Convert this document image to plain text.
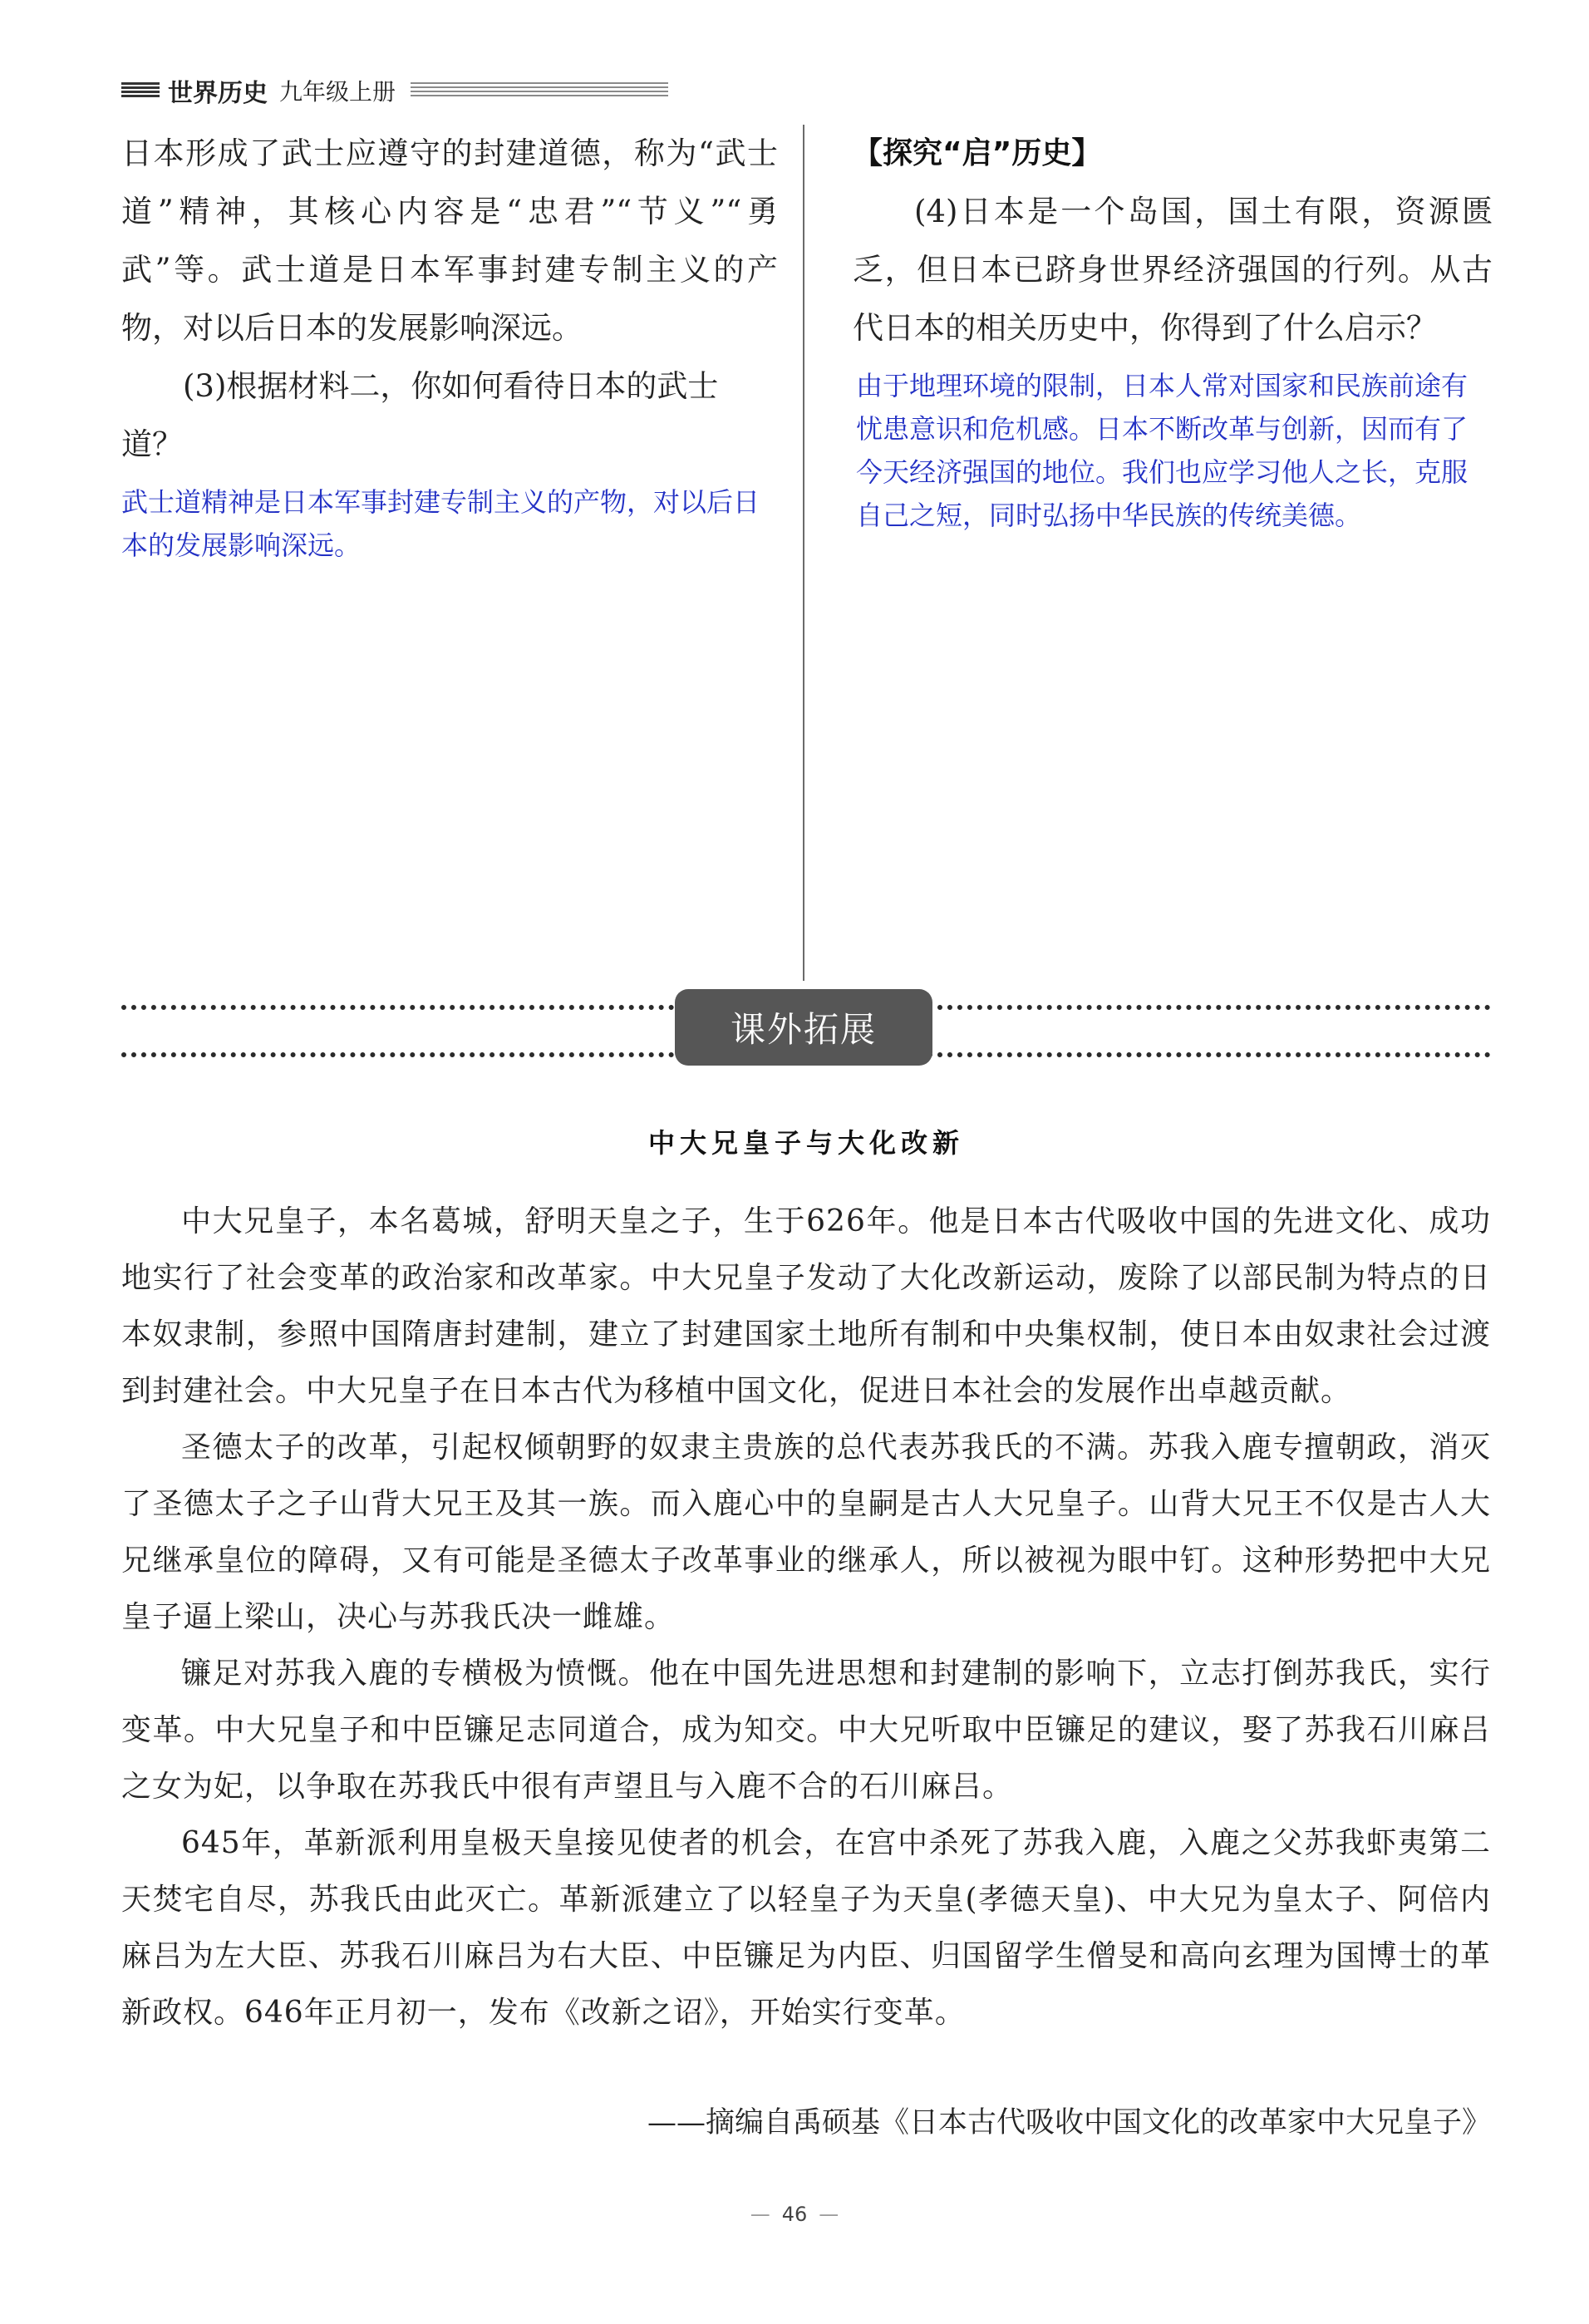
世界历史 九年级上册

日本形成了武士应遵守的封建道德，称为“武士道”精神，其核心内容是“忠君”“节义”“勇武”等。武士道是日本军事封建专制主义的产物，对以后日本的发展影响深远。

(3)根据材料二，你如何看待日本的武士道？

武士道精神是日本军事封建专制主义的产物，对以后日本的发展影响深远。

【探究“启”历史】

(4)日本是一个岛国，国土有限，资源匮乏，但日本已跻身世界经济强国的行列。从古代日本的相关历史中，你得到了什么启示？

由于地理环境的限制，日本人常对国家和民族前途有忧患意识和危机感。日本不断改革与创新，因而有了今天经济强国的地位。我们也应学习他人之长，克服自己之短，同时弘扬中华民族的传统美德。

课外拓展
中大兄皇子与大化改新

中大兄皇子，本名葛城，舒明天皇之子，生于626年。他是日本古代吸收中国的先进文化、成功地实行了社会变革的政治家和改革家。中大兄皇子发动了大化改新运动，废除了以部民制为特点的日本奴隶制，参照中国隋唐封建制，建立了封建国家土地所有制和中央集权制，使日本由奴隶社会过渡到封建社会。中大兄皇子在日本古代为移植中国文化，促进日本社会的发展作出卓越贡献。

圣德太子的改革，引起权倾朝野的奴隶主贵族的总代表苏我氏的不满。苏我入鹿专擅朝政，消灭了圣德太子之子山背大兄王及其一族。而入鹿心中的皇嗣是古人大兄皇子。山背大兄王不仅是古人大兄继承皇位的障碍，又有可能是圣德太子改革事业的继承人，所以被视为眼中钉。这种形势把中大兄皇子逼上梁山，决心与苏我氏决一雌雄。

镰足对苏我入鹿的专横极为愤慨。他在中国先进思想和封建制的影响下，立志打倒苏我氏，实行变革。中大兄皇子和中臣镰足志同道合，成为知交。中大兄听取中臣镰足的建议，娶了苏我石川麻吕之女为妃，以争取在苏我氏中很有声望且与入鹿不合的石川麻吕。

645年，革新派利用皇极天皇接见使者的机会，在宫中杀死了苏我入鹿，入鹿之父苏我虾夷第二天焚宅自尽，苏我氏由此灭亡。革新派建立了以轻皇子为天皇(孝德天皇)、中大兄为皇太子、阿倍内麻吕为左大臣、苏我石川麻吕为右大臣、中臣镰足为内臣、归国留学生僧旻和高向玄理为国博士的革新政权。646年正月初一，发布《改新之诏》，开始实行变革。

——摘编自禹硕基《日本古代吸收中国文化的改革家中大兄皇子》
— 46 —
